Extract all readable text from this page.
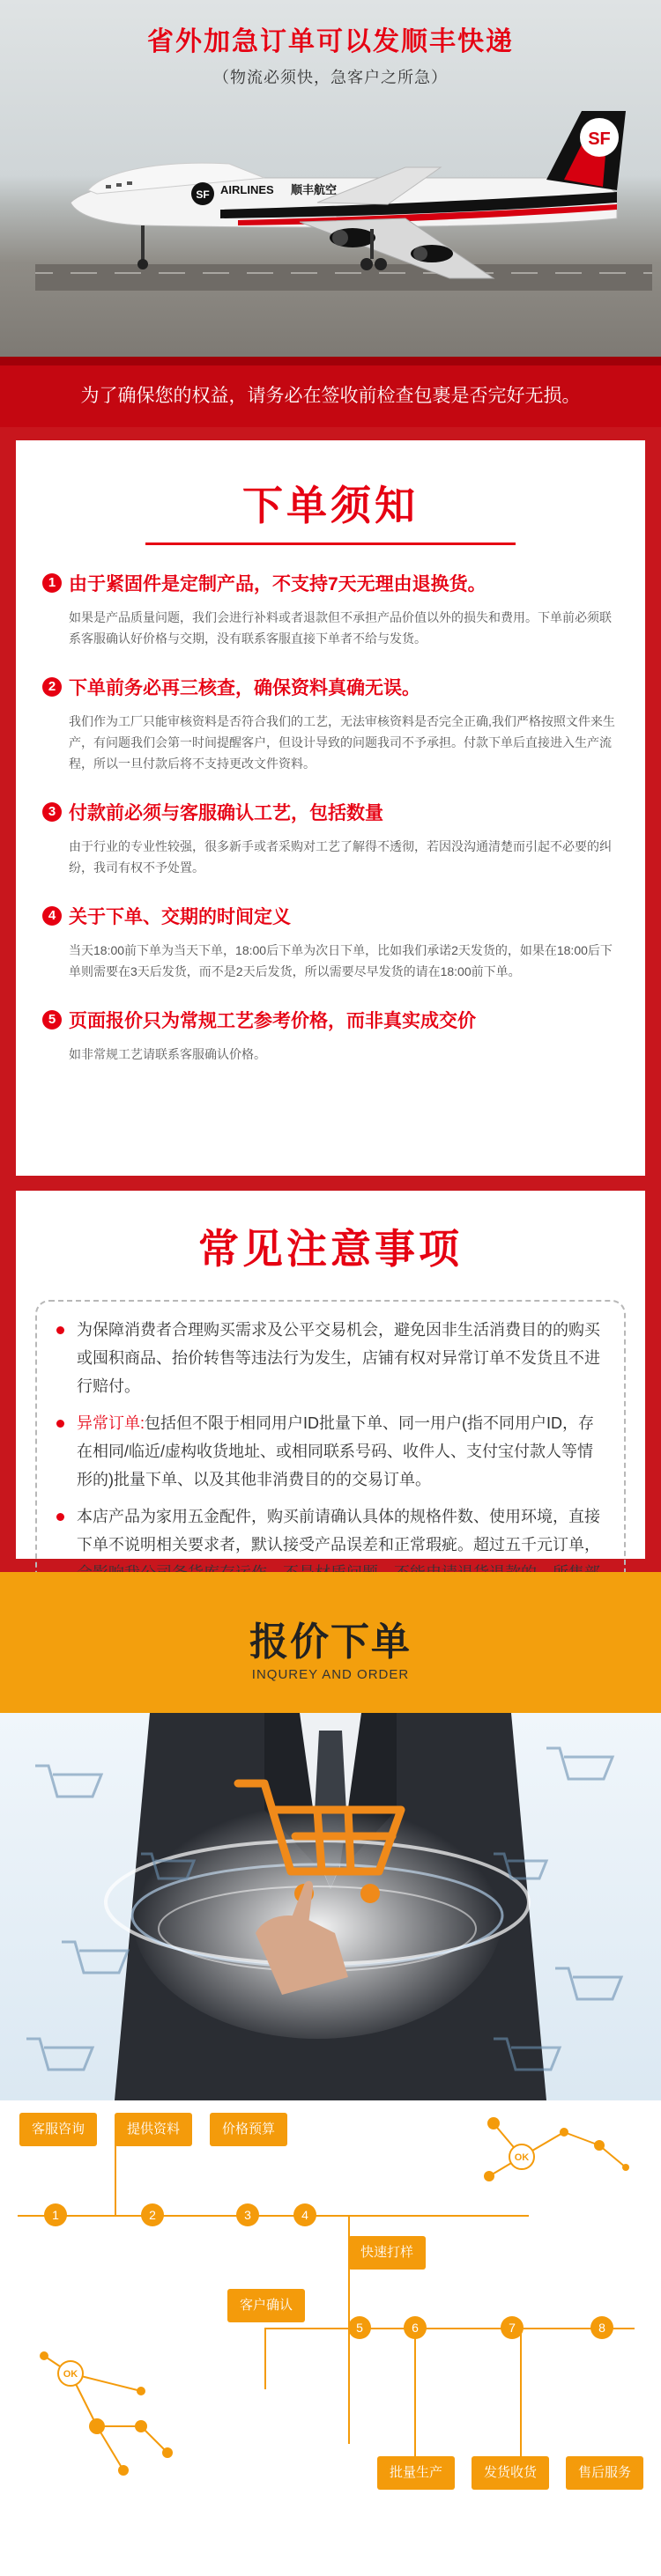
省外加急订单可以发顺丰快递
（物流必须快，急客户之所急）
SF
SF AIRLINES 顺丰航空
为了确保您的权益，请务必在签收前检查包裹是否完好无损。
下单须知
1 由于紧固件是定制产品，不支持7天无理由退换货。
如果是产品质量问题，我们会进行补料或者退款但不承担产品价值以外的损失和费用。下单前必须联系客服确认好价格与交期，没有联系客服直接下单者不给与发货。
2 下单前务必再三核查，确保资料真确无误。
我们作为工厂只能审核资料是否符合我们的工艺，无法审核资料是否完全正确,我们严格按照文件来生产，有问题我们会第一时间提醒客户，但设计导致的问题我司不予承担。付款下单后直接进入生产流程，所以一旦付款后将不支持更改文件资料。
3 付款前必须与客服确认工艺，包括数量
由于行业的专业性较强，很多新手或者采购对工艺了解得不透彻，若因没沟通清楚而引起不必要的纠纷，我司有权不予处置。
4 关于下单、交期的时间定义
当天18:00前下单为当天下单，18:00后下单为次日下单，比如我们承诺2天发货的，如果在18:00后下单则需要在3天后发货，而不是2天后发货，所以需要尽早发货的请在18:00前下单。
5 页面报价只为常规工艺参考价格，而非真实成交价
如非常规工艺请联系客服确认价格。
常见注意事项
为保障消费者合理购买需求及公平交易机会，避免因非生活消费目的的购买或囤积商品、抬价转售等违法行为发生，店铺有权对异常订单不发货且不进行赔付。
异常订单:包括但不限于相同用户ID批量下单、同一用户(指不同用户ID，存在相同/临近/虚构收货地址、或相同联系号码、收件人、支付宝付款人等情形的)批量下单、以及其他非消费目的的交易订单。
本店产品为家用五金配件，购买前请确认具体的规格件数、使用环境，直接下单不说明相关要求者，默认接受产品误差和正常瑕疵。超过五千元订单，
报价下单
INQUREY AND ORDER
客服咨询	提供资料	价格预算
快速打样
客户确认
批量生产	发货收货	售后服务
1	2	3	4
5	6	7	8
OK
OK
